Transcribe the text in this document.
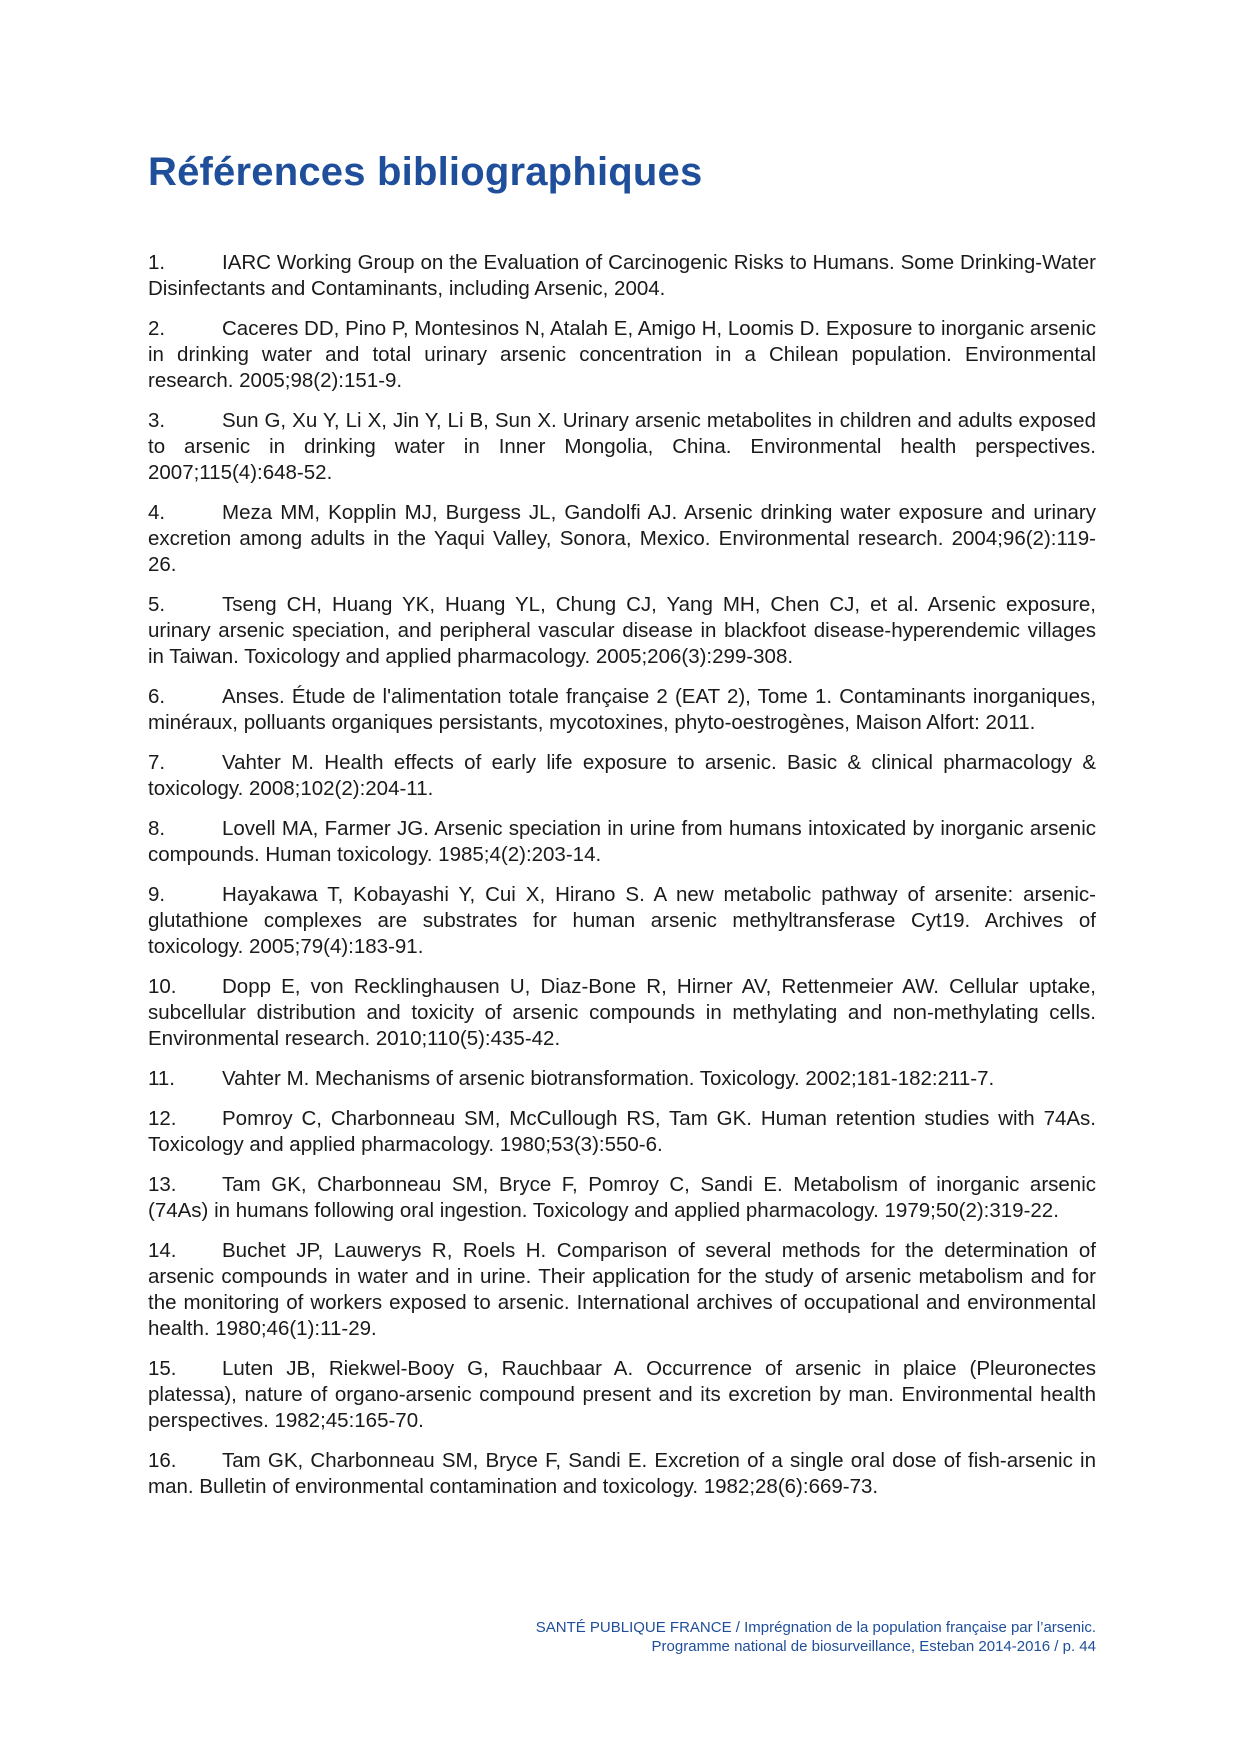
Références bibliographiques

1.	IARC Working Group on the Evaluation of Carcinogenic Risks to Humans. Some Drinking-Water Disinfectants and Contaminants, including Arsenic, 2004.

2.	Caceres DD, Pino P, Montesinos N, Atalah E, Amigo H, Loomis D. Exposure to inorganic arsenic in drinking water and total urinary arsenic concentration in a Chilean population. Environmental research. 2005;98(2):151-9.

3.	Sun G, Xu Y, Li X, Jin Y, Li B, Sun X. Urinary arsenic metabolites in children and adults exposed to arsenic in drinking water in Inner Mongolia, China. Environmental health perspectives. 2007;115(4):648-52.

4.	Meza MM, Kopplin MJ, Burgess JL, Gandolfi AJ. Arsenic drinking water exposure and urinary excretion among adults in the Yaqui Valley, Sonora, Mexico. Environmental research. 2004;96(2):119-26.

5.	Tseng CH, Huang YK, Huang YL, Chung CJ, Yang MH, Chen CJ, et al. Arsenic exposure, urinary arsenic speciation, and peripheral vascular disease in blackfoot disease-hyperendemic villages in Taiwan. Toxicology and applied pharmacology. 2005;206(3):299-308.

6.	Anses. Étude de l'alimentation totale française 2 (EAT 2), Tome 1. Contaminants inorganiques, minéraux, polluants organiques persistants, mycotoxines, phyto-oestrogènes, Maison Alfort: 2011.

7.	Vahter M. Health effects of early life exposure to arsenic. Basic & clinical pharmacology & toxicology. 2008;102(2):204-11.

8.	Lovell MA, Farmer JG. Arsenic speciation in urine from humans intoxicated by inorganic arsenic compounds. Human toxicology. 1985;4(2):203-14.

9.	Hayakawa T, Kobayashi Y, Cui X, Hirano S. A new metabolic pathway of arsenite: arsenic-glutathione complexes are substrates for human arsenic methyltransferase Cyt19. Archives of toxicology. 2005;79(4):183-91.

10. Dopp E, von Recklinghausen U, Diaz-Bone R, Hirner AV, Rettenmeier AW. Cellular uptake, subcellular distribution and toxicity of arsenic compounds in methylating and non-methylating cells. Environmental research. 2010;110(5):435-42.

11. Vahter M. Mechanisms of arsenic biotransformation. Toxicology. 2002;181-182:211-7.

12. Pomroy C, Charbonneau SM, McCullough RS, Tam GK. Human retention studies with 74As. Toxicology and applied pharmacology. 1980;53(3):550-6.

13. Tam GK, Charbonneau SM, Bryce F, Pomroy C, Sandi E. Metabolism of inorganic arsenic (74As) in humans following oral ingestion. Toxicology and applied pharmacology. 1979;50(2):319-22.

14. Buchet JP, Lauwerys R, Roels H. Comparison of several methods for the determination of arsenic compounds in water and in urine. Their application for the study of arsenic metabolism and for the monitoring of workers exposed to arsenic. International archives of occupational and environmental health. 1980;46(1):11-29.

15. Luten JB, Riekwel-Booy G, Rauchbaar A. Occurrence of arsenic in plaice (Pleuronectes platessa), nature of organo-arsenic compound present and its excretion by man. Environmental health perspectives. 1982;45:165-70.

16. Tam GK, Charbonneau SM, Bryce F, Sandi E. Excretion of a single oral dose of fish-arsenic in man. Bulletin of environmental contamination and toxicology. 1982;28(6):669-73.

SANTÉ PUBLIQUE FRANCE / Imprégnation de la population française par l’arsenic.
Programme national de biosurveillance, Esteban 2014-2016 / p. 44
